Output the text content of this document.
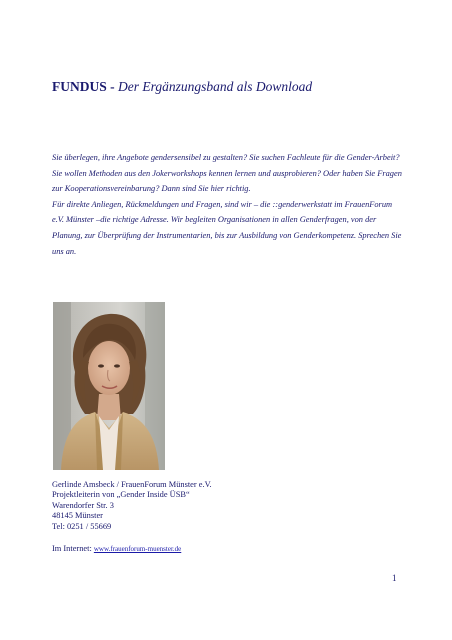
FUNDUS - Der Ergänzungsband als Download

Sie überlegen, ihre Angebote gendersensibel zu gestalten? Sie suchen Fachleute für die Gender-Arbeit? Sie wollen Methoden aus den Jokerworkshops kennen lernen und ausprobieren? Oder haben Sie Fragen zur Kooperationsvereinbarung? Dann sind Sie hier richtig.

Für direkte Anliegen, Rückmeldungen und Fragen, sind wir – die ::genderwerkstatt im FrauenForum e.V. Münster –die richtige Adresse. Wir begleiten Organisationen in allen Genderfragen, von der Planung, zur Überprüfung der Instrumentarien, bis zur Ausbildung von Genderkompetenz. Sprechen Sie uns an.

Gerlinde Amsbeck / FrauenForum Münster e.V.
Projektleiterin von „Gender Inside ÜSB“
Warendorfer Str. 3
48145 Münster
Tel: 0251 / 55669
Im Internet: www.frauenforum-muenster.de
1
